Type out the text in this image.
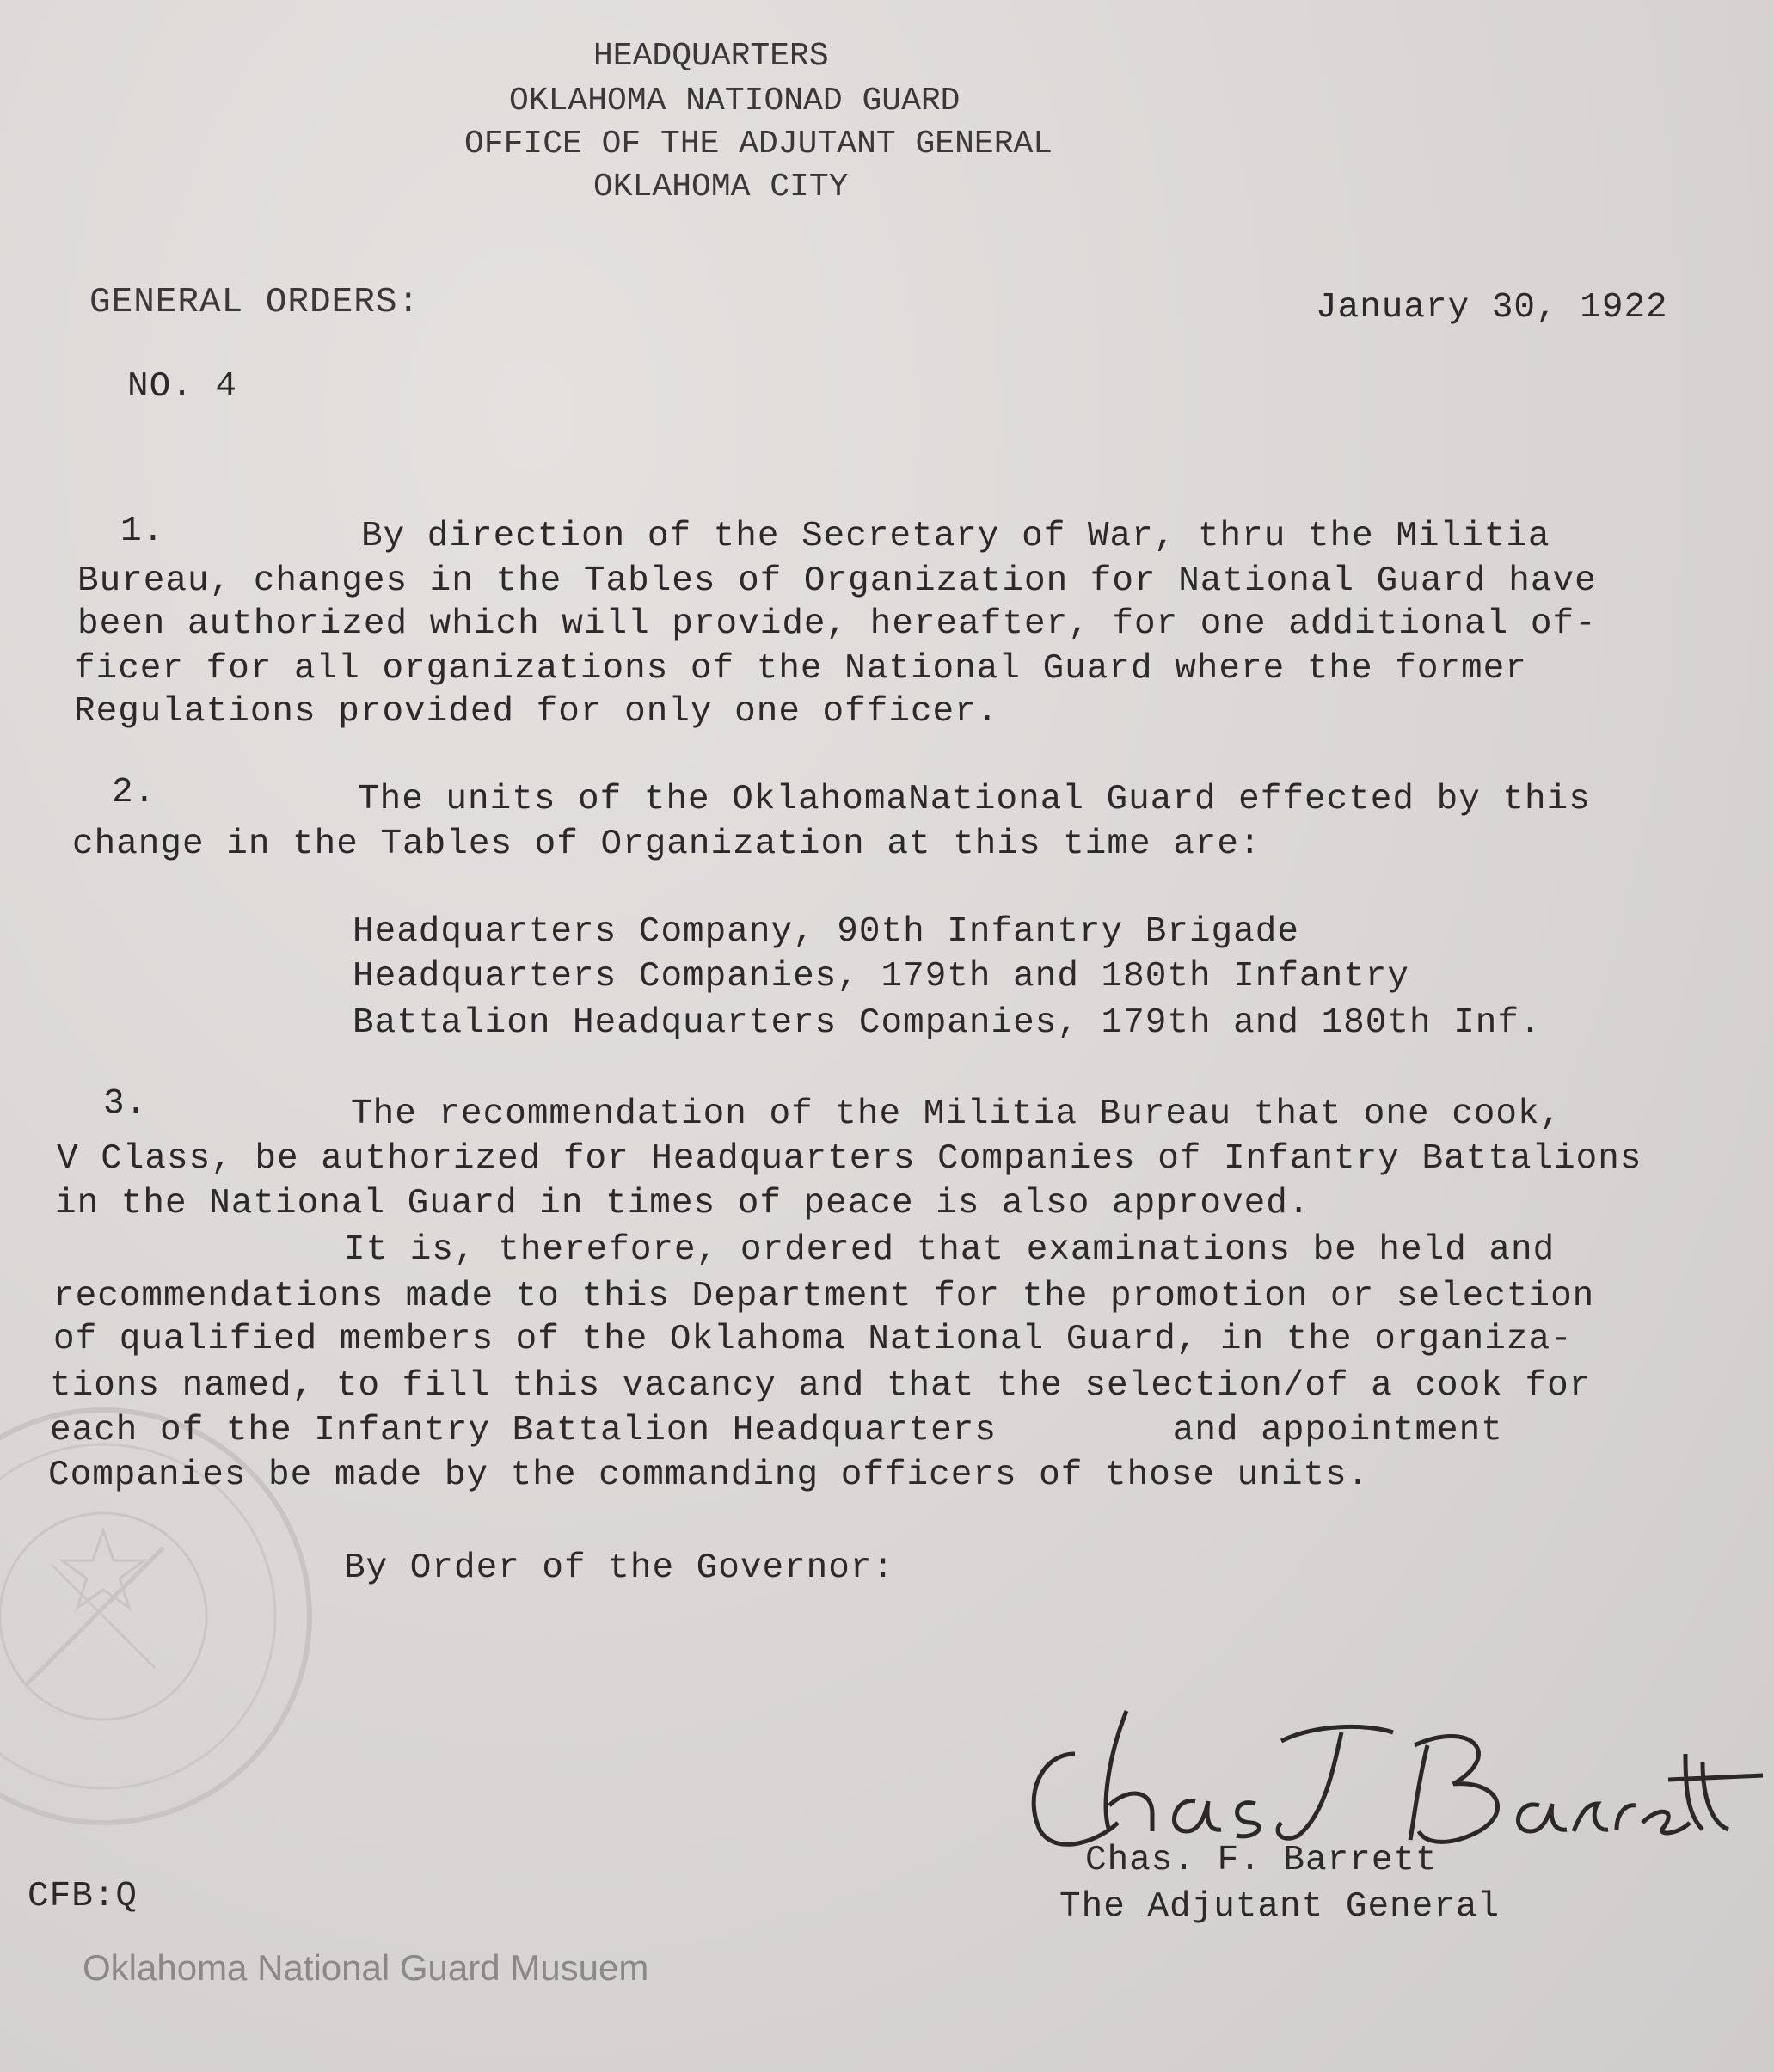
HEADQUARTERS
OKLAHOMA NATIONAD GUARD
OFFICE OF THE ADJUTANT GENERAL
OKLAHOMA CITY
GENERAL ORDERS:	January 30, 1922
NO. 4
1.	By direction of the Secretary of War, thru the Militia
Bureau, changes in the Tables of Organization for National Guard have
been authorized which will provide, hereafter, for one additional of-
ficer for all organizations of the National Guard where the former
Regulations provided for only one officer.
2.	The units of the OklahomaNational Guard effected by this
change in the Tables of Organization at this time are:
Headquarters Company, 90th Infantry Brigade
Headquarters Companies, 179th and 180th Infantry
Battalion Headquarters Companies, 179th and 180th Inf.
3.	The recommendation of the Militia Bureau that one cook,
V Class, be authorized for Headquarters Companies of Infantry Battalions
in the National Guard in times of peace is also approved.
It is, therefore, ordered that examinations be held and
recommendations made to this Department for the promotion or selection
of qualified members of the Oklahoma National Guard, in the organiza-
tions named, to fill this vacancy and that the selection/of a cook for
each of the Infantry Battalion Headquarters        and appointment
Companies be made by the commanding officers of those units.
By Order of the Governor:
Chas. F. Barrett
The Adjutant General
CFB:Q
Oklahoma National Guard Musuem
